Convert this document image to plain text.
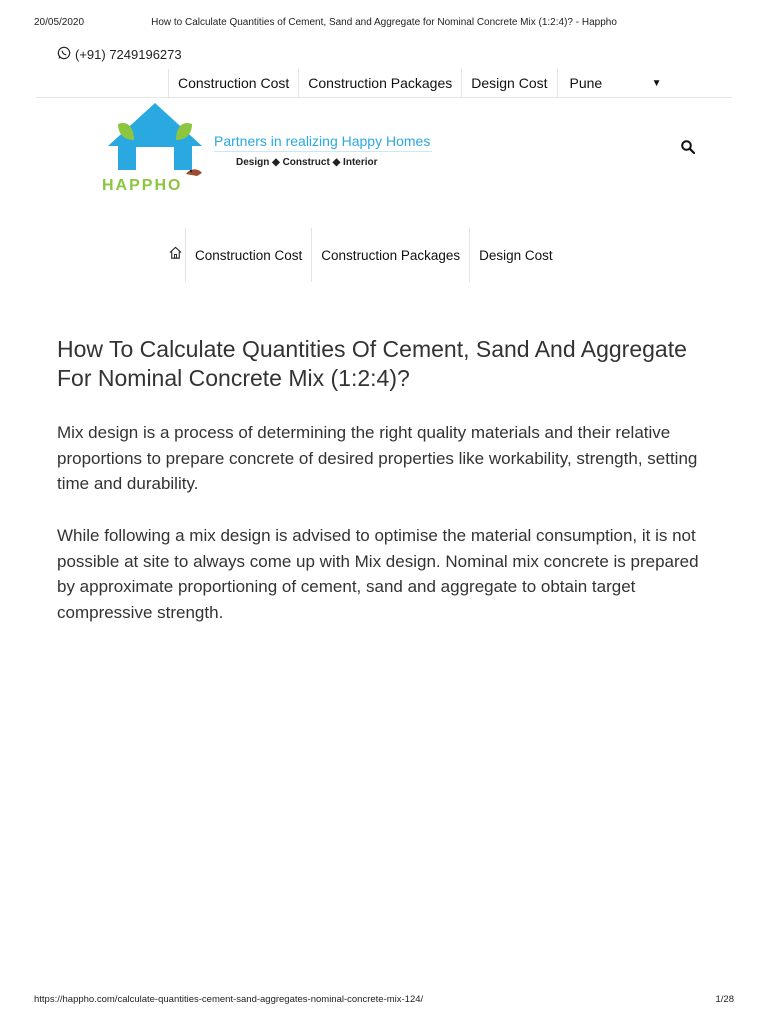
20/05/2020	How to Calculate Quantities of Cement, Sand and Aggregate for Nominal Concrete Mix (1:2:4)? - Happho
(+91) 7249196273
Construction Cost	Construction Packages	Design Cost	Pune	▼
HAPPHO
Partners in realizing Happy Homes
Design ◆ Construct ◆ Interior
Construction Cost	Construction Packages	Design Cost
How To Calculate Quantities Of Cement, Sand And Aggregate For Nominal Concrete Mix (1:2:4)?

Mix design is a process of determining the right quality materials and their relative proportions to prepare concrete of desired properties like workability, strength, setting time and durability.

While following a mix design is advised to optimise the material consumption, it is not possible at site to always come up with Mix design. Nominal mix concrete is prepared by approximate proportioning of cement, sand and aggregate to obtain target compressive strength.

https://happho.com/calculate-quantities-cement-sand-aggregates-nominal-concrete-mix-124/	1/28
